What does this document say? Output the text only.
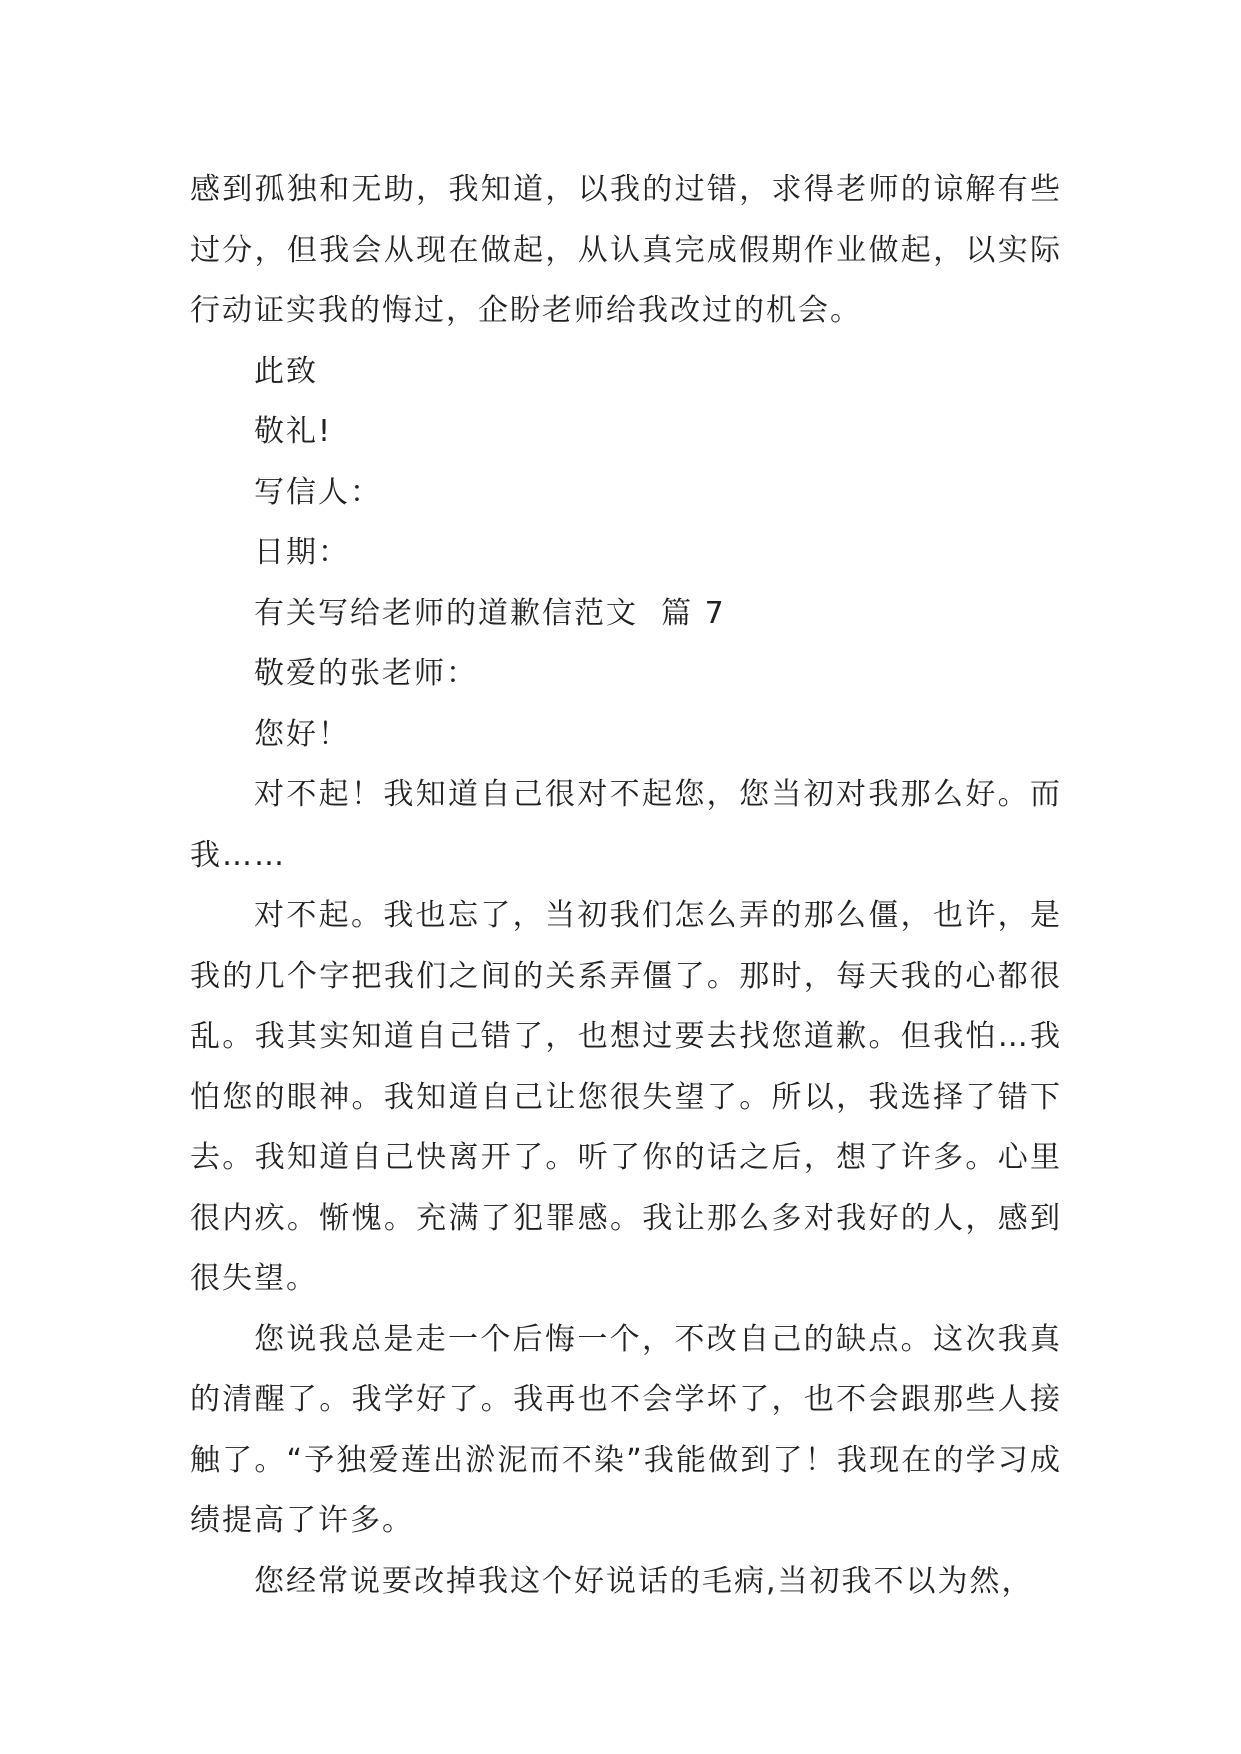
感到孤独和无助，我知道，以我的过错，求得老师的谅解有些过分，但我会从现在做起，从认真完成假期作业做起，以实际行动证实我的悔过，企盼老师给我改过的机会。

此致

敬礼!

写信人：

日期：

有关写给老师的道歉信范文  篇 7

敬爱的张老师：

您好！

对不起！我知道自己很对不起您，您当初对我那么好。而我……

对不起。我也忘了，当初我们怎么弄的那么僵，也许，是我的几个字把我们之间的关系弄僵了。那时，每天我的心都很乱。我其实知道自己错了，也想过要去找您道歉。但我怕…我怕您的眼神。我知道自己让您很失望了。所以，我选择了错下去。我知道自己快离开了。听了你的话之后，想了许多。心里很内疚。惭愧。充满了犯罪感。我让那么多对我好的人，感到很失望。

您说我总是走一个后悔一个，不改自己的缺点。这次我真的清醒了。我学好了。我再也不会学坏了，也不会跟那些人接触了。“予独爱莲出淤泥而不染”我能做到了！我现在的学习成绩提高了许多。

您经常说要改掉我这个好说话的毛病,当初我不以为然，
